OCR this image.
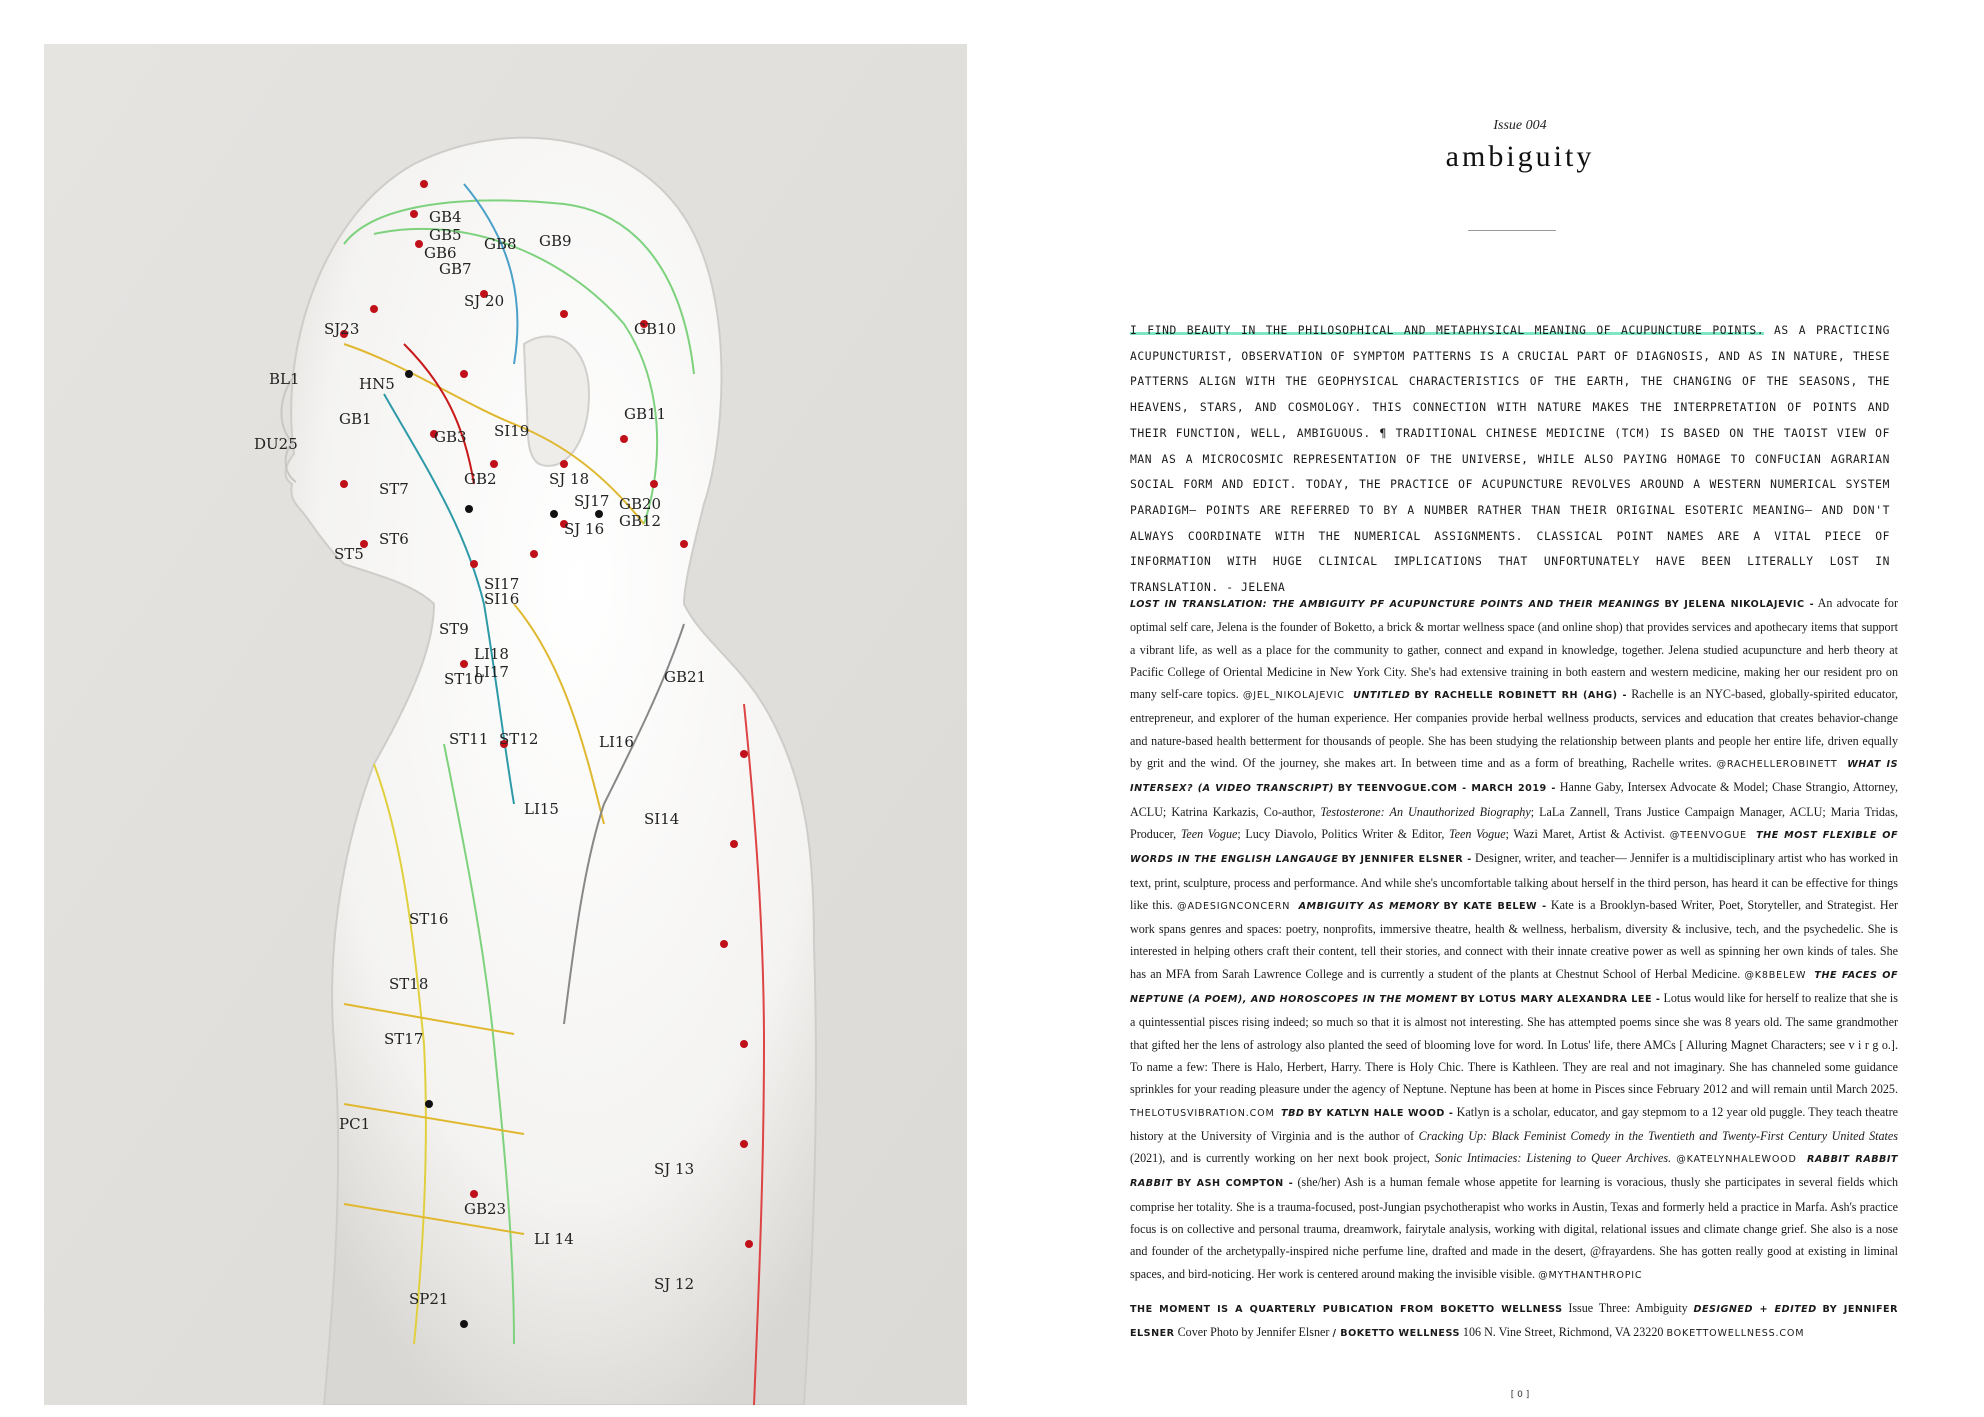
GB4
GB5
GB6
GB7
GB8 GB9
SJ 20
SJ23	GB10
HN5
GB1
GB3 SI19
GB11
GB2	SJ 18
SJ17
SJ 16
GB20
GB12
ST7
ST6
ST5
SI17
SI16
ST9
LI18
LI17
ST10	GB21
ST11 ST12
LI15
LI16
SI14
ST16
ST18
ST17
PC1
GB23
SJ 13
LI 14
SJ 12
SP21
BL1
DU25
Issue 004
ambiguity
I FIND BEAUTY IN THE PHILOSOPHICAL AND METAPHYSICAL MEANING OF ACUPUNCTURE POINTS. AS A PRACTICING ACUPUNCTURIST, OBSERVATION OF SYMPTOM PATTERNS IS A CRUCIAL PART OF DIAGNOSIS, AND AS IN NATURE, THESE PATTERNS ALIGN WITH THE GEOPHYSICAL CHARACTERISTICS OF THE EARTH, THE CHANGING OF THE SEASONS, THE HEAVENS, STARS, AND COSMOLOGY. THIS CONNECTION WITH NATURE MAKES THE INTERPRETATION OF POINTS AND THEIR FUNCTION, WELL, AMBIGUOUS. ¶ TRADITIONAL CHINESE MEDICINE (TCM) IS BASED ON THE TAOIST VIEW OF MAN AS A MICROCOSMIC REPRESENTATION OF THE UNIVERSE, WHILE ALSO PAYING HOMAGE TO CONFUCIAN AGRARIAN SOCIAL FORM AND EDICT. TODAY, THE PRACTICE OF ACUPUNCTURE REVOLVES AROUND A WESTERN NUMERICAL SYSTEM PARADIGM— POINTS ARE REFERRED TO BY A NUMBER RATHER THAN THEIR ORIGINAL ESOTERIC MEANING— AND DON'T ALWAYS COORDINATE WITH THE NUMERICAL ASSIGNMENTS. CLASSICAL POINT NAMES ARE A VITAL PIECE OF INFORMATION WITH HUGE CLINICAL IMPLICATIONS THAT UNFORTUNATELY HAVE BEEN LITERALLY LOST IN TRANSLATION. - JELENA

LOST IN TRANSLATION: THE AMBIGUITY PF ACUPUNCTURE POINTS AND THEIR MEANINGS BY JELENA NIKOLAJEVIC - An advocate for optimal self care, Jelena is the founder of Boketto, a brick & mortar wellness space (and online shop) that provides services and apothecary items that support a vibrant life, as well as a place for the community to gather, connect and expand in knowledge, together. Jelena studied acupuncture and herb theory at Pacific College of Oriental Medicine in New York City. She's had extensive training in both eastern and western medicine, making her our resident pro on many self-care topics. @JEL_NIKOLAJEVIC UNTITLED BY RACHELLE ROBINETT RH (AHG) - Rachelle is an NYC-based, globally-spirited educator, entrepreneur, and explorer of the human experience. Her companies provide herbal wellness products, services and education that creates behavior-change and nature-based health betterment for thousands of people. She has been studying the relationship between plants and people her entire life, driven equally by grit and the wind. Of the journey, she makes art. In between time and as a form of breathing, Rachelle writes. @RACHELLEROBINETT WHAT IS INTERSEX? (A VIDEO TRANSCRIPT) BY TEENVOGUE.COM - MARCH 2019 - Hanne Gaby, Intersex Advocate & Model; Chase Strangio, Attorney, ACLU; Katrina Karkazis, Co-author, Testosterone: An Unauthorized Biography; LaLa Zannell, Trans Justice Campaign Manager, ACLU; Maria Tridas, Producer, Teen Vogue; Lucy Diavolo, Politics Writer & Editor, Teen Vogue; Wazi Maret, Artist & Activist. @TEENVOGUE THE MOST FLEXIBLE OF WORDS IN THE ENGLISH LANGAUGE BY JENNIFER ELSNER - Designer, writer, and teacher— Jennifer is a multidisciplinary artist who has worked in text, print, sculpture, process and performance. And while she's uncomfortable talking about herself in the third person, has heard it can be effective for things like this. @ADESIGNCONCERN AMBIGUITY AS MEMORY BY KATE BELEW - Kate is a Brooklyn-based Writer, Poet, Storyteller, and Strategist. Her work spans genres and spaces: poetry, nonprofits, immersive theatre, health & wellness, herbalism, diversity & inclusive, tech, and the psychedelic. She is interested in helping others craft their content, tell their stories, and connect with their innate creative power as well as spinning her own kinds of tales. She has an MFA from Sarah Lawrence College and is currently a student of the plants at Chestnut School of Herbal Medicine. @K8BELEW THE FACES OF NEPTUNE (A POEM), AND HOROSCOPES IN THE MOMENT BY LOTUS MARY ALEXANDRA LEE - Lotus would like for herself to realize that she is a quintessential pisces rising indeed; so much so that it is almost not interesting. She has attempted poems since she was 8 years old. The same grandmother that gifted her the lens of astrology also planted the seed of blooming love for word. In Lotus' life, there AMCs [ Alluring Magnet Characters; see v i r g o.]. To name a few: There is Halo, Herbert, Harry. There is Holy Chic. There is Kathleen. They are real and not imaginary. She has channeled some guidance sprinkles for your reading pleasure under the agency of Neptune. Neptune has been at home in Pisces since February 2012 and will remain until March 2025. THELOTUSVIBRATION.COM TBD BY KATLYN HALE WOOD - Katlyn is a scholar, educator, and gay stepmom to a 12 year old puggle. They teach theatre history at the University of Virginia and is the author of Cracking Up: Black Feminist Comedy in the Twentieth and Twenty-First Century United States (2021), and is currently working on her next book project, Sonic Intimacies: Listening to Queer Archives. @KATELYNHALEWOOD RABBIT RABBIT RABBIT BY ASH COMPTON - (she/her) Ash is a human female whose appetite for learning is voracious, thusly she participates in several fields which comprise her totality. She is a trauma-focused, post-Jungian psychotherapist who works in Austin, Texas and formerly held a practice in Marfa. Ash's practice focus is on collective and personal trauma, dreamwork, fairytale analysis, working with digital, relational issues and climate change grief. She also is a nose and founder of the archetypally-inspired niche perfume line, drafted and made in the desert, @frayardens. She has gotten really good at existing in liminal spaces, and bird-noticing. Her work is centered around making the invisible visible. @MYTHANTHROPIC

THE MOMENT IS A QUARTERLY PUBICATION FROM BOKETTO WELLNESS Issue Three: Ambiguity DESIGNED + EDITED BY JENNIFER ELSNER Cover Photo by Jennifer Elsner / BOKETTO WELLNESS 106 N. Vine Street, Richmond, VA 23220 BOKETTOWELLNESS.COM

[ 0 ]
